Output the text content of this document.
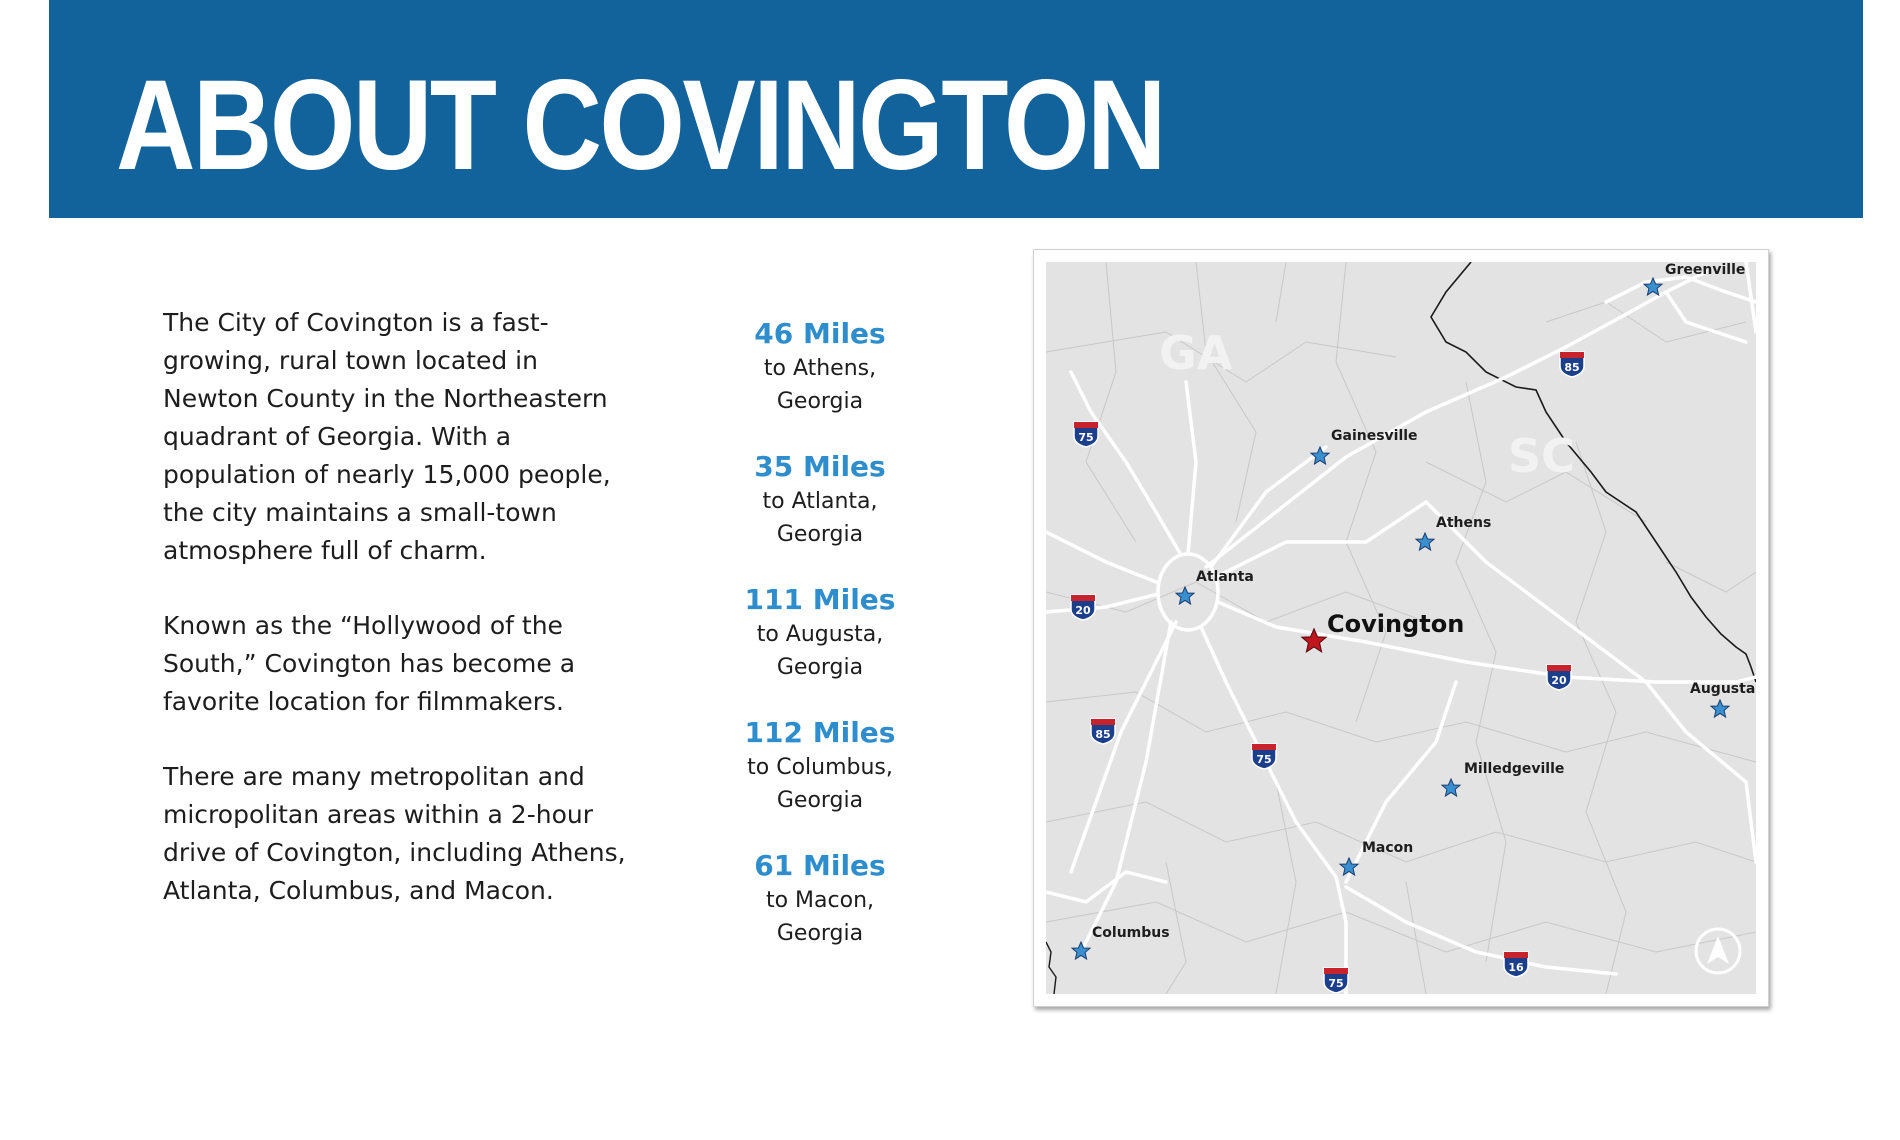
ABOUT COVINGTON

The City of Covington is a fast-growing, rural town located in Newton County in the Northeastern quadrant of Georgia. With a population of nearly 15,000 people, the city maintains a small-town atmosphere full of charm.

Known as the “Hollywood of the South,” Covington has become a favorite location for filmmakers.

There are many metropolitan and micropolitan areas within a 2-hour drive of Covington, including Athens, Atlanta, Columbus, and Macon.

46 Miles
to Athens, Georgia
35 Miles
to Atlanta, Georgia
111 Miles
to Augusta, Georgia
112 Miles
to Columbus, Georgia
61 Miles
to Macon, Georgia
GA
SC
75
85
20
75
85
20
75
16
Greenville
Gainesville
Athens
Atlanta
Augusta
Milledgeville
Macon
Columbus
Covington
